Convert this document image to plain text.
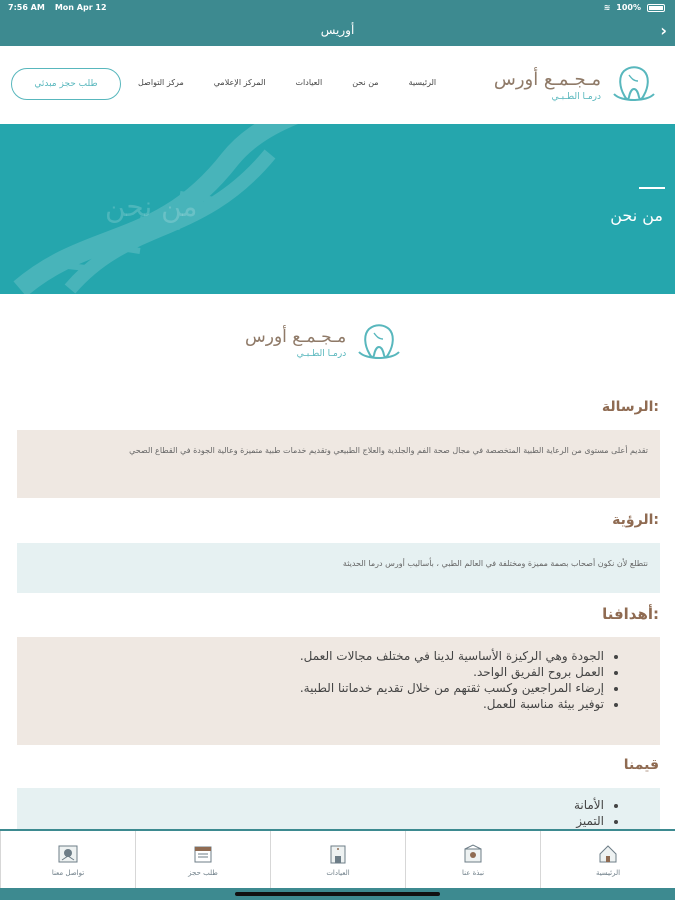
7:56 AM Mon Apr 12	≋ 100%
أوريس	›
مـجـمـع أورس
درمـا الطـبـي
الرئيسية
من نحن
العيادات
المركز الإعلامي
مركز التواصل
طلب حجز مبدئي
من نحن	من نحن
مـجـمـع أورس
درمـا الطـبـي
الرسالة:
تقديم أعلى مستوى من الرعاية الطبية المتخصصة في مجال صحة الفم والجلدية والعلاج الطبيعي وتقديم خدمات طبية متميزة وعالية الجودة في القطاع الصحي
الرؤية:
نتطلع لأن نكون أصحاب بصمة مميزة ومختلفة في العالم الطبي ، بأساليب أورس درما الحديثة
أهدافنا:
• الجودة وهي الركيزة الأساسية لدينا في مختلف مجالات العمل.
• العمل بروح الفريق الواحد.
• إرضاء المراجعين وكسب ثقتهم من خلال تقديم خدماتنا الطبية.
• توفير بيئة مناسبة للعمل.
قيمنا
• الأمانة
• التميز
تواصل معنا	طلب حجز	العيادات	نبذة عنا	الرئيسية
